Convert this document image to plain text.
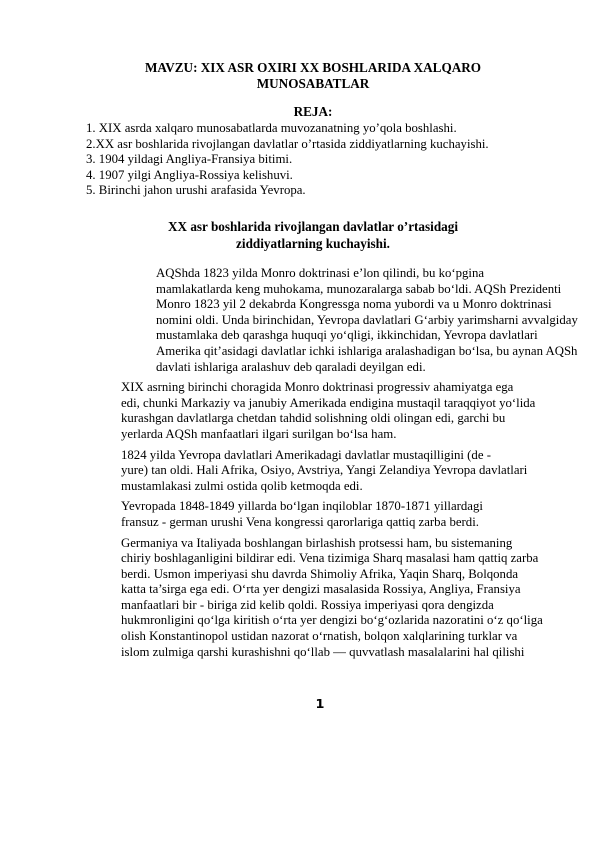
MAVZU: XIX ASR OXIRI XX BOSHLARIDA XALQARO
MUNOSABATLAR
REJA:
1. XIX asrda xalqaro munosabatlarda muvozanatning yo’qola boshlashi.
2.XX asr boshlarida rivojlangan davlatlar o’rtasida ziddiyatlarning kuchayishi.
3. 1904 yildagi Angliya-Fransiya bitimi.
4. 1907 yilgi Angliya-Rossiya kelishuvi.
5. Birinchi jahon urushi arafasida Yevropa.
XX asr boshlarida rivojlangan davlatlar o’rtasidagi
ziddiyatlarning kuchayishi.

AQShda 1823 yilda Monro doktrinasi e’lon qilindi, bu ko‘pgina
mamlakatlarda keng muhokama, munozaralarga sabab bo‘ldi. AQSh Prezidenti
Monro 1823 yil 2 dekabrda Kongressga noma yubordi va u Monro doktrinasi
nomini oldi. Unda birinchidan, Yevropa davlatlari G‘arbiy yarimsharni avvalgiday
mustamlaka deb qarashga huquqi yo‘qligi, ikkinchidan, Yevropa davlatlari
Amerika qit’asidagi davlatlar ichki ishlariga aralashadigan bo‘lsa, bu aynan AQSh
davlati ishlariga aralashuv deb qaraladi deyilgan edi.

XIX asrning birinchi choragida Monro doktrinasi progressiv ahamiyatga ega
edi, chunki Markaziy va janubiy Amerikada endigina mustaqil taraqqiyot yo‘lida
kurashgan davlatlarga chetdan tahdid solishning oldi olingan edi, garchi bu
yerlarda AQSh manfaatlari ilgari surilgan bo‘lsa ham.

1824 yilda Yevropa davlatlari Amerikadagi davlatlar mustaqilligini (de -
yure) tan oldi. Hali Afrika, Osiyo, Avstriya, Yangi Zelandiya Yevropa davlatlari
mustamlakasi zulmi ostida qolib ketmoqda edi.

Yevropada 1848-1849 yillarda bo‘lgan inqiloblar 1870-1871 yillardagi
fransuz - german urushi Vena kongressi qarorlariga qattiq zarba berdi.

Germaniya va Italiyada boshlangan birlashish protsessi ham, bu sistemaning
chiriy boshlaganligini bildirar edi. Vena tizimiga Sharq masalasi ham qattiq zarba
berdi. Usmon imperiyasi shu davrda Shimoliy Afrika, Yaqin Sharq, Bolqonda
katta ta’sirga ega edi. O‘rta yer dengizi masalasida Rossiya, Angliya, Fransiya
manfaatlari bir - biriga zid kelib qoldi. Rossiya imperiyasi qora dengizda
hukmronligini qo‘lga kiritish o‘rta yer dengizi bo‘g‘ozlarida nazoratini o‘z qo‘liga
olish Konstantinopol ustidan nazorat o‘rnatish, bolqon xalqlarining turklar va
islom zulmiga qarshi kurashishni qo‘llab — quvvatlash masalalarini hal qilishi

1
